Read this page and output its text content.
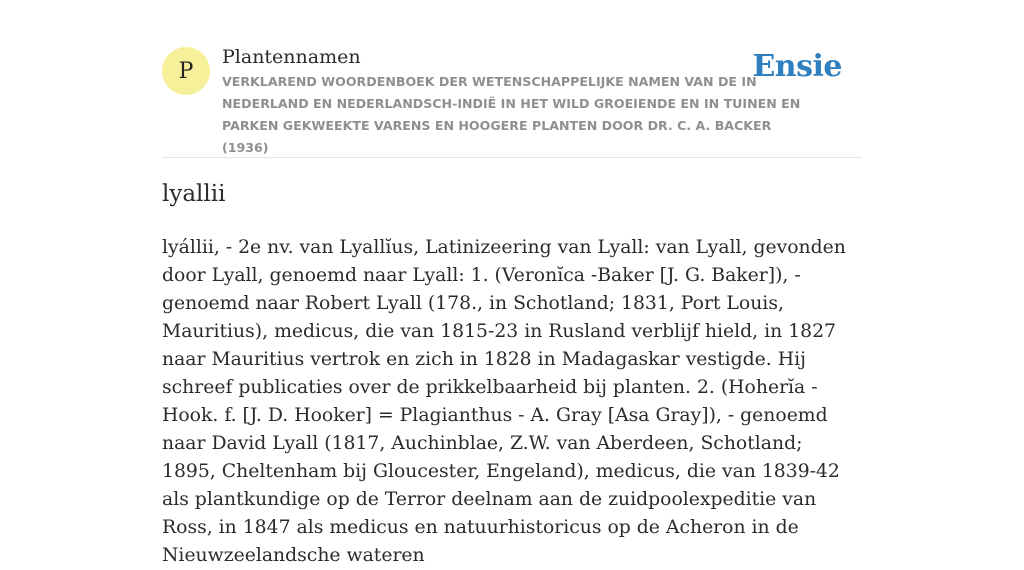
P
Plantennamen
VERKLAREND WOORDENBOEK DER WETENSCHAPPELIJKE NAMEN VAN DE IN NEDERLAND EN NEDERLANDSCH-INDIË IN HET WILD GROEIENDE EN IN TUINEN EN PARKEN GEKWEEKTE VARENS EN HOOGERE PLANTEN DOOR DR. C. A. BACKER (1936)
Ensie
lyallii

lyállii, - 2e nv. van Lyallĭus, Latinizeering van Lyall: van Lyall, gevonden door Lyall, genoemd naar Lyall: 1. (Veronĭca -Baker [J. G. Baker]), - genoemd naar Robert Lyall (178., in Schotland; 1831, Port Louis, Mauritius), medicus, die van 1815-23 in Rusland verblijf hield, in 1827 naar Mauritius vertrok en zich in 1828 in Madagaskar vestigde. Hij schreef publicaties over de prikkelbaarheid bij planten. 2. (Hoherĭa - Hook. f. [J. D. Hooker] = Plagianthus - A. Gray [Asa Gray]), - genoemd naar David Lyall (1817, Auchinblae, Z.W. van Aberdeen, Schotland; 1895, Cheltenham bij Gloucester, Engeland), medicus, die van 1839-42 als plantkundige op de Terror deelnam aan de zuidpoolexpeditie van Ross, in 1847 als medicus en natuurhistoricus op de Acheron in de Nieuwzeelandsche wateren
